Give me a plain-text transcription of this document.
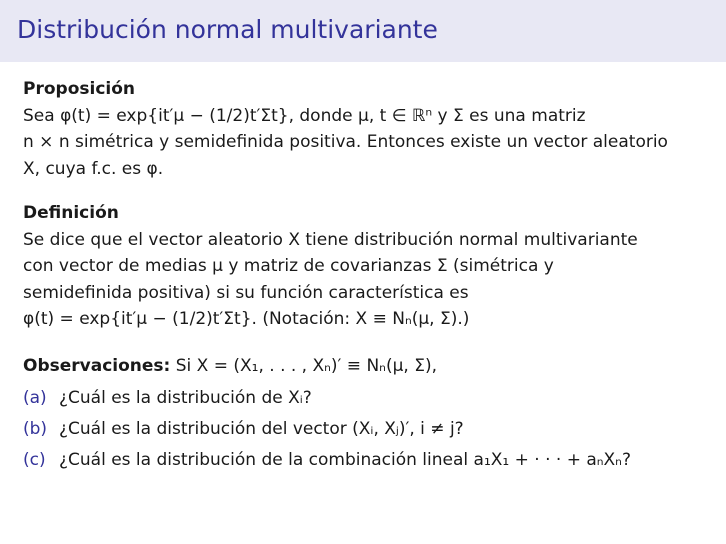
Distribución normal multivariante
Proposición
Sea φ(t) = exp{it′μ − (1/2)t′Σt}, donde μ, t ∈ ℝⁿ y Σ es una matriz
n × n simétrica y semidefinida positiva. Entonces existe un vector aleatorio
X, cuya f.c. es φ.
Definición
Se dice que el vector aleatorio X tiene distribución normal multivariante
con vector de medias μ y matriz de covarianzas Σ (simétrica y
semidefinida positiva) si su función característica es
φ(t) = exp{it′μ − (1/2)t′Σt}. (Notación: X ≡ Nₙ(μ, Σ).)
Observaciones: Si X = (X₁, . . . , Xₙ)′ ≡ Nₙ(μ, Σ),
(a) ¿Cuál es la distribución de Xᵢ?
(b) ¿Cuál es la distribución del vector (Xᵢ, Xⱼ)′, i ≠ j?
(c) ¿Cuál es la distribución de la combinación lineal a₁X₁ + · · · + aₙXₙ?
